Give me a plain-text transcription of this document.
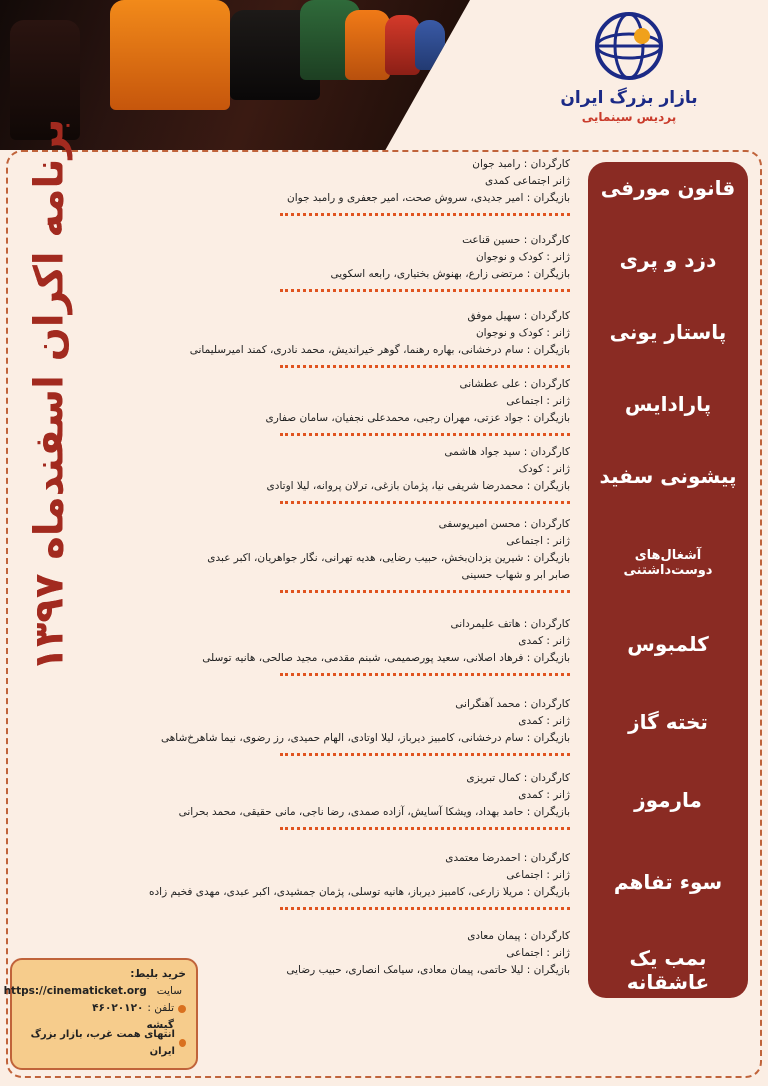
بازار بزرگ ایران
پردیس سینمایی
برنامه اکران اسفندماه ۱۳۹۷	قانون مورفی
دزد و پری
پاستار یونی
پارادایس
پیشونی سفید
آشغال‌های دوست‌داشتنی
کلمبوس
تخته گاز
مارموز
سوء تفاهم
بمب یک عاشقانه
کارگردان : رامبد جوان
ژانر اجتماعی کمدی
بازیگران : امیر جدیدی، سروش صحت، امیر جعفری و رامبد جوان
کارگردان : حسین قناعت
ژانر : کودک و نوجوان
بازیگران : مرتضی زارع، بهنوش بختیاری، رابعه اسکویی
کارگردان : سهیل موفق
ژانر : کودک و نوجوان
بازیگران : سام درخشانی، بهاره رهنما، گوهر خیراندیش، محمد نادری، کمند امیرسلیمانی
کارگردان : علی عطشانی
ژانر : اجتماعی
بازیگران : جواد عزتی، مهران رجبی، محمدعلی نجفیان، سامان صفاری
کارگردان : سید جواد هاشمی
ژانر : کودک
بازیگران : محمدرضا شریفی نیا، پژمان بازغی، ترلان پروانه، لیلا اوتادی
کارگردان : محسن امیریوسفی
ژانر : اجتماعی
بازیگران : شیرین یزدان‌بخش، حبیب رضایی، هدیه تهرانی، نگار جواهریان، اکبر عبدی
صابر ابر و شهاب حسینی
کارگردان : هاتف علیمردانی
ژانر : کمدی
بازیگران : فرهاد اصلانی، سعید پورصمیمی، شبنم مقدمی، مجید صالحی، هانیه توسلی
کارگردان : محمد آهنگرانی
ژانر : کمدی
بازیگران : سام درخشانی، کامبیز دیرباز، لیلا اوتادی، الهام حمیدی، رز رضوی، نیما شاهرخ‌شاهی
کارگردان : کمال تبریزی
ژانر : کمدی
بازیگران : حامد بهداد، ویشکا آسایش، آزاده صمدی، رضا ناجی، مانی حقیقی، محمد بحرانی
کارگردان : احمدرضا معتمدی
ژانر : اجتماعی
بازیگران : مریلا زارعی، کامبیز دیرباز، هانیه توسلی، پژمان جمشیدی، اکبر عبدی، مهدی فخیم زاده
کارگردان : پیمان معادی
ژانر : اجتماعی
بازیگران : لیلا حاتمی، پیمان معادی، سیامک انصاری، حبیب رضایی
خرید بلیط:
سایت
https://cinematicket.org
تلفن :
۴۶۰۲۰۱۲۰
گیشه
انتهای همت غرب، بازار بزرگ ایران
